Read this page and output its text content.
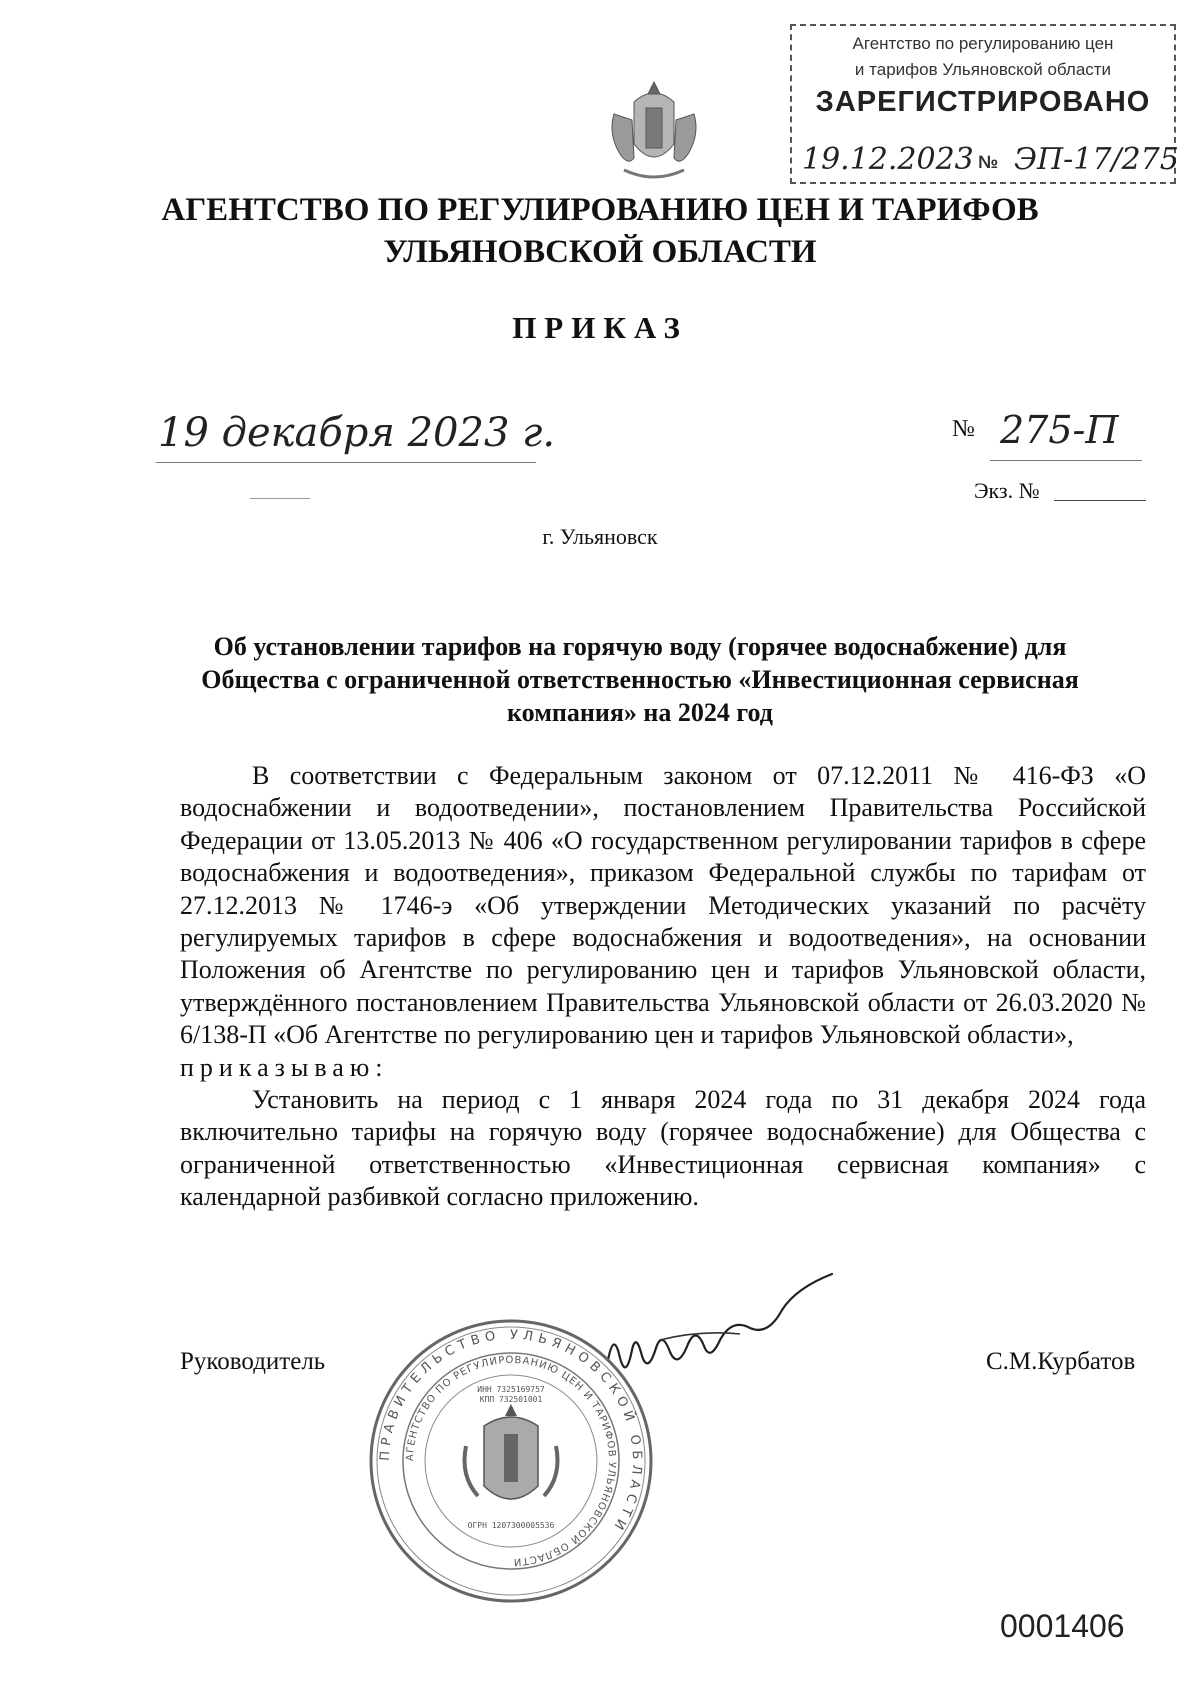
Агентство по регулированию цен
и тарифов Ульяновской области
ЗАРЕГИСТРИРОВАНО
19.12.2023 № ЭП-17/275
АГЕНТСТВО ПО РЕГУЛИРОВАНИЮ ЦЕН И ТАРИФОВ
УЛЬЯНОВСКОЙ ОБЛАСТИ
ПРИКАЗ
19 декабря 2023 г.	№ 275-П
Экз. №
г. Ульяновск
Об установлении тарифов на горячую воду (горячее водоснабжение) для Общества с ограниченной ответственностью «Инвестиционная сервисная компания» на 2024 год
В соответствии с Федеральным законом от 07.12.2011 № 416-ФЗ «О водоснабжении и водоотведении», постановлением Правительства Российской Федерации от 13.05.2013 № 406 «О государственном регулировании тарифов в сфере водоснабжения и водоотведения», приказом Федеральной службы по тарифам от 27.12.2013 № 1746-э «Об утверждении Методических указаний по расчёту регулируемых тарифов в сфере водоснабжения и водоотведения», на основании Положения об Агентстве по регулированию цен и тарифов Ульяновской области, утверждённого постановлением Правительства Ульяновской области от 26.03.2020 № 6/138-П «Об Агентстве по регулированию цен и тарифов Ульяновской области»,
приказываю:
Установить на период с 1 января 2024 года по 31 декабря 2024 года включительно тарифы на горячую воду (горячее водоснабжение) для Общества с ограниченной ответственностью «Инвестиционная сервисная компания» с календарной разбивкой согласно приложению.
Руководитель	С.М.Курбатов
ПРАВИТЕЛЬСТВО УЛЬЯНОВСКОЙ ОБЛАСТИ
АГЕНТСТВО ПО РЕГУЛИРОВАНИЮ ЦЕН И ТАРИФОВ УЛЬЯНОВСКОЙ ОБЛАСТИ
ОГРН 1207300005536
ИНН 7325169757
КПП 732501001
0001406
